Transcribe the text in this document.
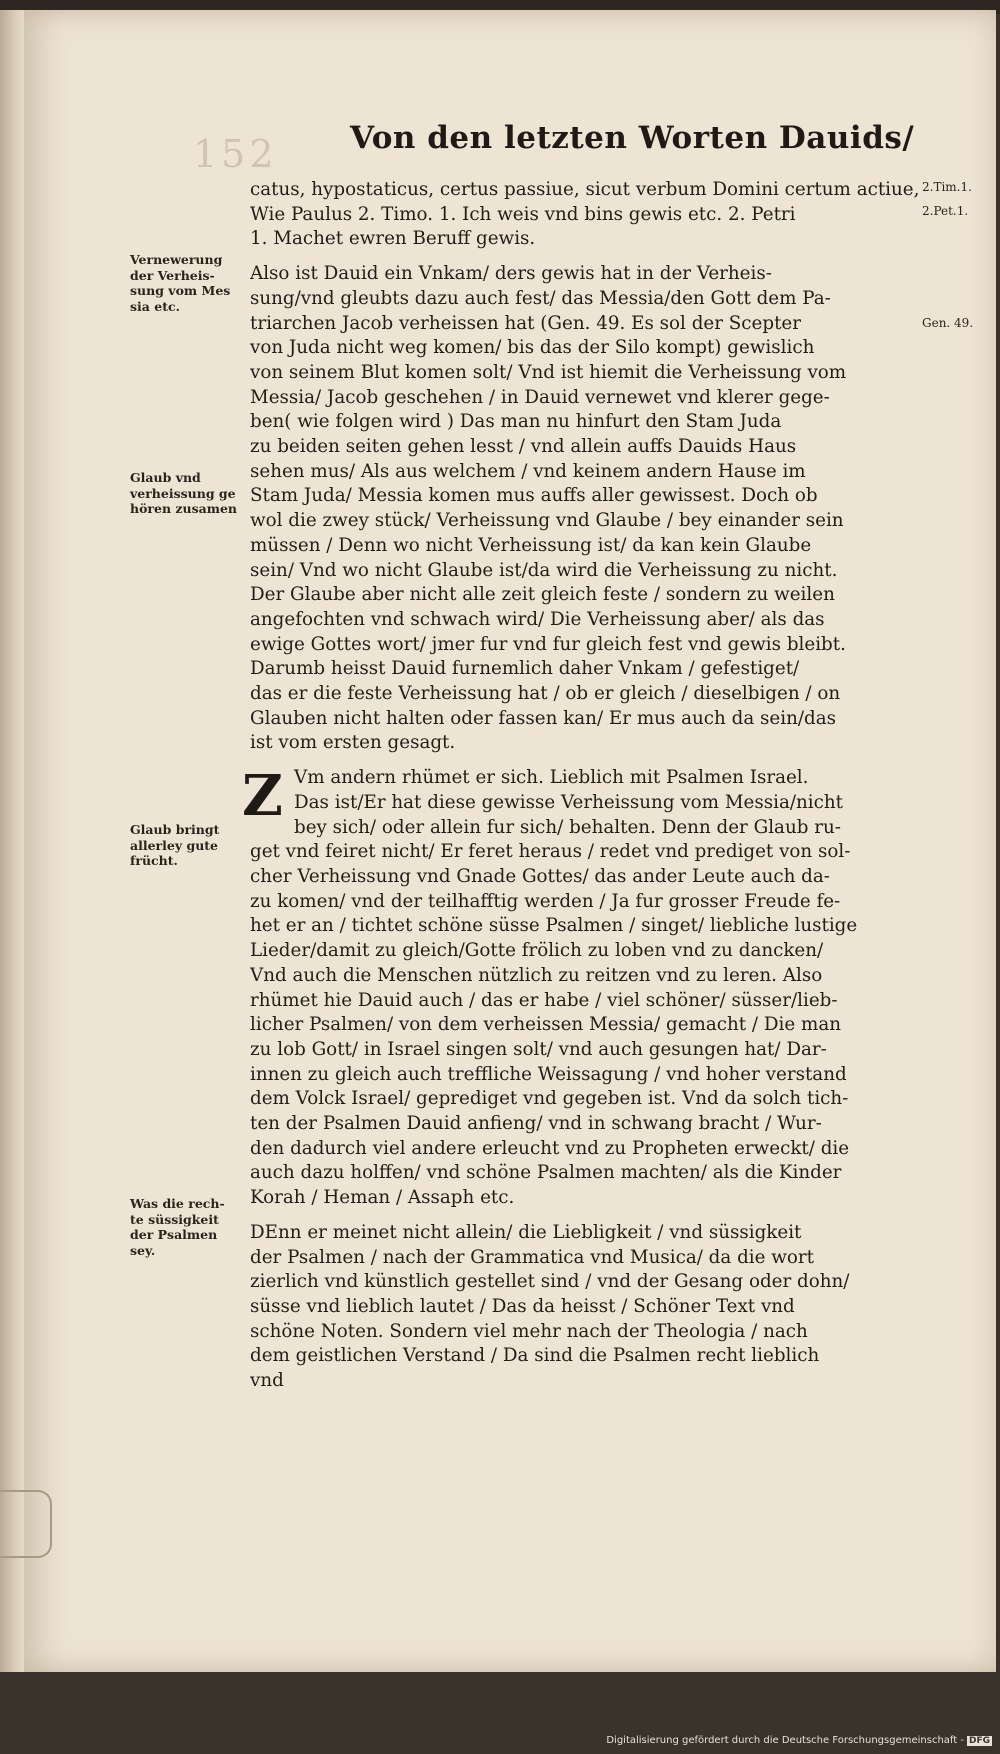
152 Von den letzten Worten Dauids/
Vernewerung
der Verheis-
sung vom Mes
sia etc.
Glaub vnd
verheissung ge
hören zusamen
Glaub bringt
allerley gute
frücht.
Was die rech-
te süssigkeit
der Psalmen
sey.
2.Tim.1.
2.Pet.1.
Gen. 49.
catus, hypostaticus, certus passiue, sicut verbum Domini certum actiue,
Wie Paulus 2. Timo. 1. Ich weis vnd bins gewis etc. 2. Petri
1. Machet ewren Beruff gewis.
Also ist Dauid ein Vnkam/ ders gewis hat in der Verheis-
sung/vnd gleubts dazu auch fest/ das Messia/den Gott dem Pa-
triarchen Jacob verheissen hat (Gen. 49. Es sol der Scepter
von Juda nicht weg komen/ bis das der Silo kompt) gewislich
von seinem Blut komen solt/ Vnd ist hiemit die Verheissung vom
Messia/ Jacob geschehen / in Dauid vernewet vnd klerer gege-
ben( wie folgen wird ) Das man nu hinfurt den Stam Juda
zu beiden seiten gehen lesst / vnd allein auffs Dauids Haus
sehen mus/ Als aus welchem / vnd keinem andern Hause im
Stam Juda/ Messia komen mus auffs aller gewissest. Doch ob
wol die zwey stück/ Verheissung vnd Glaube / bey einander sein
müssen / Denn wo nicht Verheissung ist/ da kan kein Glaube
sein/ Vnd wo nicht Glaube ist/da wird die Verheissung zu nicht.
Der Glaube aber nicht alle zeit gleich feste / sondern zu weilen
angefochten vnd schwach wird/ Die Verheissung aber/ als das
ewige Gottes wort/ jmer fur vnd fur gleich fest vnd gewis bleibt.
Darumb heisst Dauid furnemlich daher Vnkam / gefestiget/
das er die feste Verheissung hat / ob er gleich / dieselbigen / on
Glauben nicht halten oder fassen kan/ Er mus auch da sein/das
ist vom ersten gesagt.
Z Vm andern rhümet er sich. Lieblich mit Psalmen Israel.
Das ist/Er hat diese gewisse Verheissung vom Messia/nicht
bey sich/ oder allein fur sich/ behalten. Denn der Glaub ru-
get vnd feiret nicht/ Er feret heraus / redet vnd prediget von sol-
cher Verheissung vnd Gnade Gottes/ das ander Leute auch da-
zu komen/ vnd der teilhafftig werden / Ja fur grosser Freude fe-
het er an / tichtet schöne süsse Psalmen / singet/ liebliche lustige
Lieder/damit zu gleich/Gotte frölich zu loben vnd zu dancken/
Vnd auch die Menschen nützlich zu reitzen vnd zu leren. Also
rhümet hie Dauid auch / das er habe / viel schöner/ süsser/lieb-
licher Psalmen/ von dem verheissen Messia/ gemacht / Die man
zu lob Gott/ in Israel singen solt/ vnd auch gesungen hat/ Dar-
innen zu gleich auch treffliche Weissagung / vnd hoher verstand
dem Volck Israel/ geprediget vnd gegeben ist. Vnd da solch tich-
ten der Psalmen Dauid anfieng/ vnd in schwang bracht / Wur-
den dadurch viel andere erleucht vnd zu Propheten erweckt/ die
auch dazu holffen/ vnd schöne Psalmen machten/ als die Kinder
Korah / Heman / Assaph etc.
DEnn er meinet nicht allein/ die Liebligkeit / vnd süssigkeit
der Psalmen / nach der Grammatica vnd Musica/ da die wort
zierlich vnd künstlich gestellet sind / vnd der Gesang oder dohn/
süsse vnd lieblich lautet / Das da heisst / Schöner Text vnd
schöne Noten. Sondern viel mehr nach der Theologia / nach
dem geistlichen Verstand / Da sind die Psalmen recht lieblich
vnd
Digitalisierung gefördert durch die Deutsche Forschungsgemeinschaft - DFG
